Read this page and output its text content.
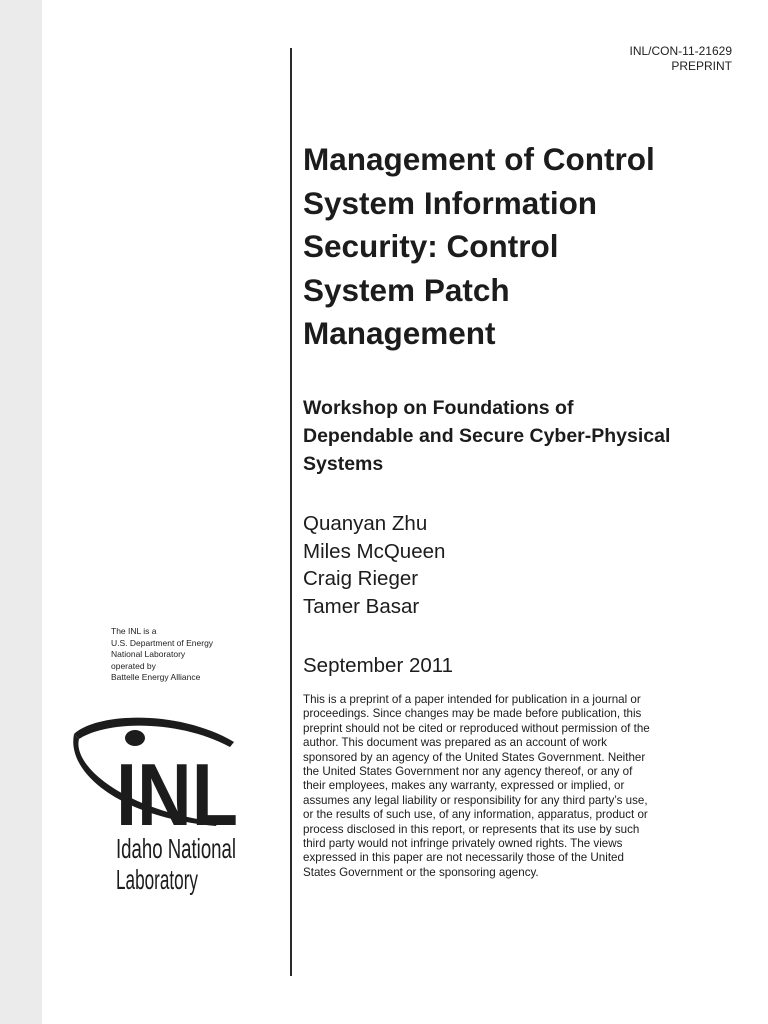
INL/CON-11-21629
PREPRINT
Management of Control
System Information
Security: Control
System Patch
Management
Workshop on Foundations of
Dependable and Secure Cyber-Physical
Systems
Quanyan Zhu
Miles McQueen
Craig Rieger
Tamer Basar
September 2011
This is a preprint of a paper intended for publication in a journal or
proceedings. Since changes may be made before publication, this
preprint should not be cited or reproduced without permission of the
author. This document was prepared as an account of work
sponsored by an agency of the United States Government. Neither
the United States Government nor any agency thereof, or any of
their employees, makes any warranty, expressed or implied, or
assumes any legal liability or responsibility for any third party’s use,
or the results of such use, of any information, apparatus, product or
process disclosed in this report, or represents that its use by such
third party would not infringe privately owned rights. The views
expressed in this paper are not necessarily those of the United
States Government or the sponsoring agency.
The INL is a
U.S. Department of Energy
National Laboratory
operated by
Battelle Energy Alliance
INL
Idaho National
Laboratory
